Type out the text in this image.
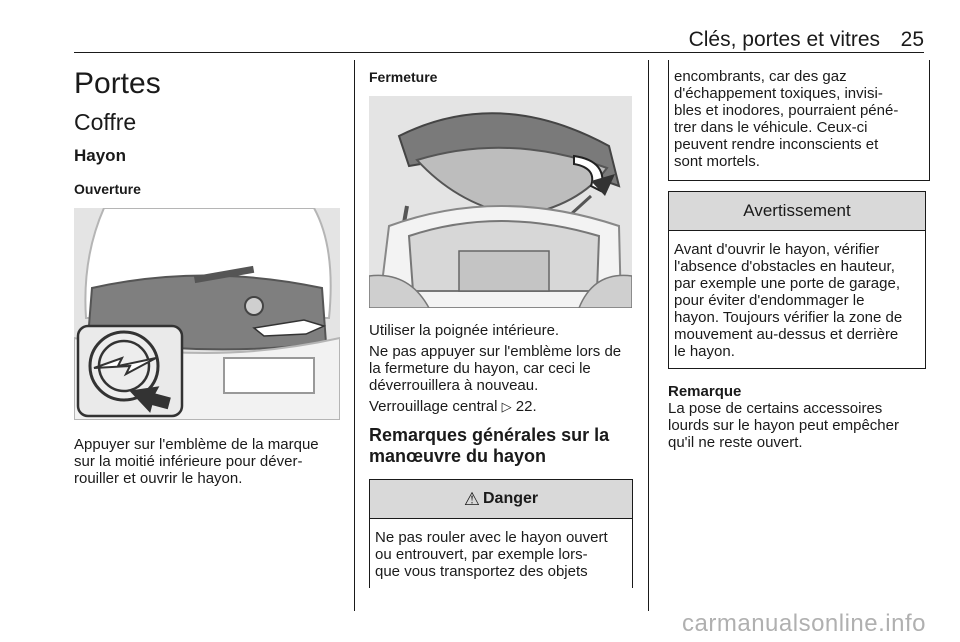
Clés, portes et vitres 25
Portes
Coffre
Hayon
Ouverture

Appuyer sur l'emblème de la marque

sur la moitié inférieure pour déver-

rouiller et ouvrir le hayon.

Fermeture

Utiliser la poignée intérieure.

Ne pas appuyer sur l'emblème lors de

la fermeture du hayon, car ceci le

déverrouillera à nouveau.

Verrouillage central ▷ 22.

Remarques générales sur la
manœuvre du hayon
⚠ Danger

Ne pas rouler avec le hayon ouvert

ou entrouvert, par exemple lors-

que vous transportez des objets

encombrants, car des gaz

d'échappement toxiques, invisi-

bles et inodores, pourraient péné-

trer dans le véhicule. Ceux-ci

peuvent rendre inconscients et

sont mortels.

Avertissement

Avant d'ouvrir le hayon, vérifier

l'absence d'obstacles en hauteur,

par exemple une porte de garage,

pour éviter d'endommager le

hayon. Toujours vérifier la zone de

mouvement au-dessus et derrière

le hayon.

Remarque

La pose de certains accessoires

lourds sur le hayon peut empêcher

qu'il ne reste ouvert.

carmanualsonline.info
